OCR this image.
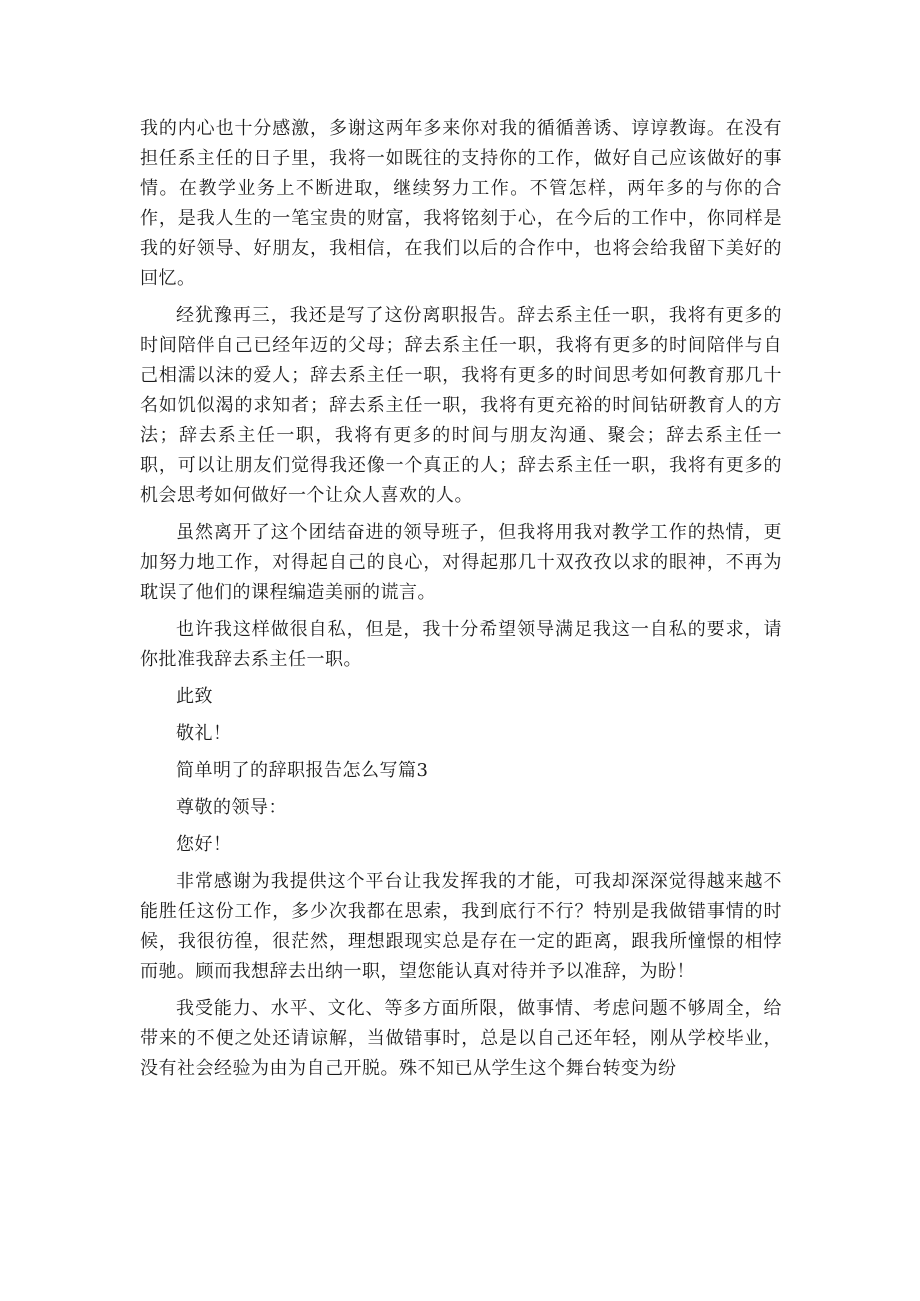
我的内心也十分感激，多谢这两年多来你对我的循循善诱、谆谆教诲。在没有担任系主任的日子里，我将一如既往的支持你的工作，做好自己应该做好的事情。在教学业务上不断进取，继续努力工作。不管怎样，两年多的与你的合作，是我人生的一笔宝贵的财富，我将铭刻于心，在今后的工作中，你同样是我的好领导、好朋友，我相信，在我们以后的合作中，也将会给我留下美好的回忆。

经犹豫再三，我还是写了这份离职报告。辞去系主任一职，我将有更多的时间陪伴自己已经年迈的父母；辞去系主任一职，我将有更多的时间陪伴与自己相濡以沫的爱人；辞去系主任一职，我将有更多的时间思考如何教育那几十名如饥似渴的求知者；辞去系主任一职，我将有更充裕的时间钻研教育人的方法；辞去系主任一职，我将有更多的时间与朋友沟通、聚会；辞去系主任一职，可以让朋友们觉得我还像一个真正的人；辞去系主任一职，我将有更多的机会思考如何做好一个让众人喜欢的人。

虽然离开了这个团结奋进的领导班子，但我将用我对教学工作的热情，更加努力地工作，对得起自己的良心，对得起那几十双孜孜以求的眼神，不再为耽误了他们的课程编造美丽的谎言。

也许我这样做很自私，但是，我十分希望领导满足我这一自私的要求，请你批准我辞去系主任一职。

此致

敬礼！

简单明了的辞职报告怎么写篇3

尊敬的领导：

您好！

非常感谢为我提供这个平台让我发挥我的才能，可我却深深觉得越来越不能胜任这份工作，多少次我都在思索，我到底行不行？特别是我做错事情的时候，我很彷徨，很茫然，理想跟现实总是存在一定的距离，跟我所憧憬的相悖而驰。顾而我想辞去出纳一职，望您能认真对待并予以准辞，为盼！

我受能力、水平、文化、等多方面所限，做事情、考虑问题不够周全，给带来的不便之处还请谅解，当做错事时，总是以自己还年轻，刚从学校毕业，没有社会经验为由为自己开脱。殊不知已从学生这个舞台转变为纷
